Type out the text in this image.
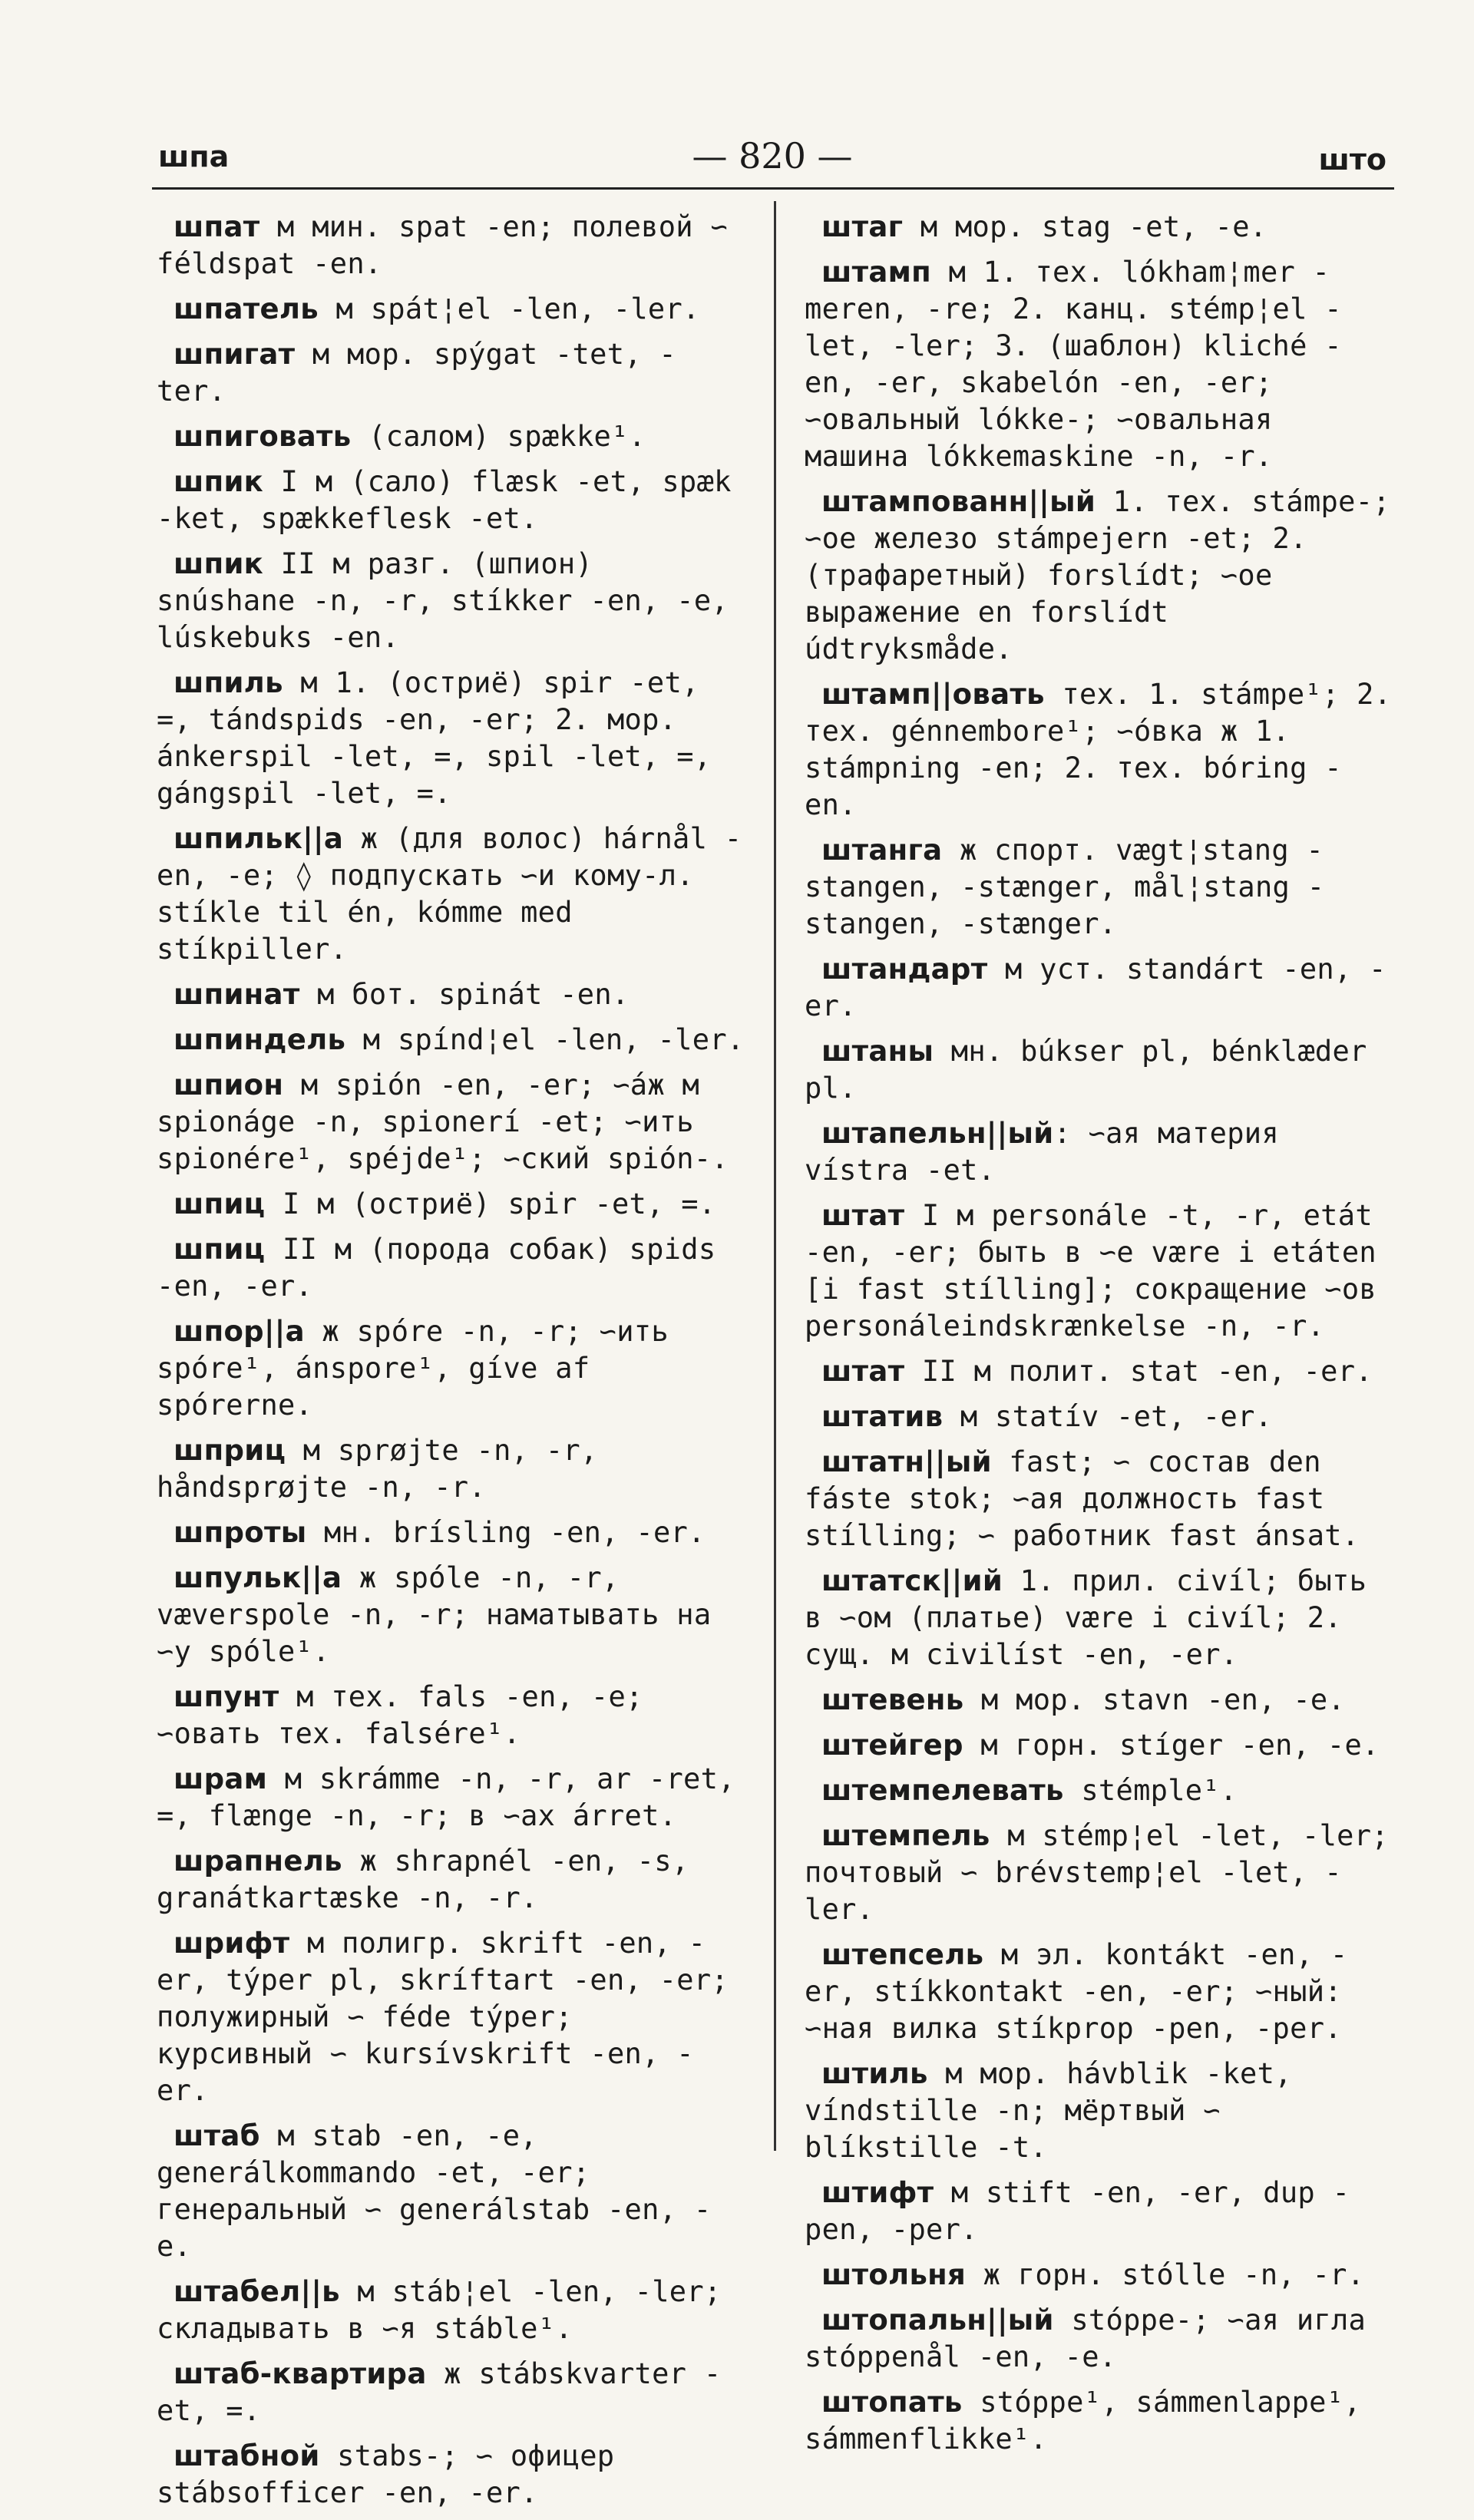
шпа	— 820 —	што

шпат м мин. spat -en; полевой ∽ féldspat -en.

шпатель м spát¦el -len, -ler.

шпигат м мор. spýgat -tet, -ter.

шпиговать (салом) spække¹.

шпик I м (сало) flæsk -et, spæk -ket, spækkeflesk -et.

шпик II м разг. (шпион) snúshane -n, -r, stíkker -en, -e, lúskebuks -en.

шпиль м 1. (остриё) spir -et, =, tándspids -en, -er; 2. мор. ánkerspil -let, =, spil -let, =, gángspil -let, =.

шпильк||а ж (для волос) hárnål -en, -e; ◊ подпускать ∽и кому-л. stíkle til én, kómme med stíkpiller.

шпинат м бот. spinát -en.

шпиндель м spínd¦el -len, -ler.

шпион м spión -en, -er; ∽áж м spionáge -n, spionerí -et; ∽ить spionére¹, spéjde¹; ∽ский spión-.

шпиц I м (остриё) spir -et, =.

шпиц II м (порода собак) spids -en, -er.

шпор||а ж spóre -n, -r; ∽ить spóre¹, ánspore¹, gíve af spórerne.

шприц м sprøjte -n, -r, håndsprøjte -n, -r.

шпроты мн. brísling -en, -er.

шпульк||а ж spóle -n, -r, væverspole -n, -r; наматывать на ∽у spóle¹.

шпунт м тех. fals -en, -e; ∽овать тех. falsére¹.

шрам м skrámme -n, -r, ar -ret, =, flænge -n, -r; в ∽ах árret.

шрапнель ж shrapnél -en, -s, granátkartæske -n, -r.

шрифт м полигр. skrift -en, -er, týper pl, skríftart -en, -er; полужирный ∽ féde týper; курсивный ∽ kursívskrift -en, -er.

штаб м stab -en, -e, generálkommando -et, -er; генеральный ∽ generálstab -en, -e.

штабел||ь м stáb¦el -len, -ler; складывать в ∽я stáble¹.

штаб-квартира ж stábskvarter -et, =.

штабной stabs-; ∽ офицер stábsofficer -en, -er.

штаг м мор. stag -et, -e.

штамп м 1. тех. lókham¦mer -meren, -re; 2. канц. stémp¦el -let, -ler; 3. (шаблон) kliché -en, -er, skabelón -en, -er; ∽овальный lókke-; ∽овальная машина lókkemaskine -n, -r.

штампованн||ый 1. тех. stámpe-; ∽ое железо stámpejern -et; 2. (трафаретный) forslídt; ∽ое выражение en forslídt údtryksmåde.

штамп||овать тех. 1. stámpe¹; 2. тех. génnembore¹; ∽óвка ж 1. stámpning -en; 2. тех. bóring -en.

штанга ж спорт. vægt¦stang -stangen, -stænger, mål¦stang -stangen, -stænger.

штандарт м уст. standárt -en, -er.

штаны мн. búkser pl, bénklæder pl.

штапельн||ый: ∽ая материя vístra -et.

штат I м personále -t, -r, etát -en, -er; быть в ∽е være i etáten [i fast stílling]; сокращение ∽ов personáleindskrænkelse -n, -r.

штат II м полит. stat -en, -er.

штатив м statív -et, -er.

штатн||ый fast; ∽ состав den fáste stok; ∽ая должность fast stílling; ∽ работник fast ánsat.

штатск||ий 1. прил. civíl; быть в ∽ом (платье) være i civíl; 2. сущ. м civilíst -en, -er.

штевень м мор. stavn -en, -e.

штейгер м горн. stíger -en, -e.

штемпелевать stémple¹.

штемпель м stémp¦el -let, -ler; почтовый ∽ brévstemp¦el -let, -ler.

штепсель м эл. kontákt -en, -er, stíkkontakt -en, -er; ∽ный: ∽ная вилка stíkprop -pen, -per.

штиль м мор. hávblik -ket, víndstille -n; мёртвый ∽ blíkstille -t.

штифт м stift -en, -er, dup -pen, -per.

штольня ж горн. stólle -n, -r.

штопальн||ый stóppe-; ∽ая игла stóppenål -en, -e.

штопать stóppe¹, sámmenlappe¹, sámmenflikke¹.
